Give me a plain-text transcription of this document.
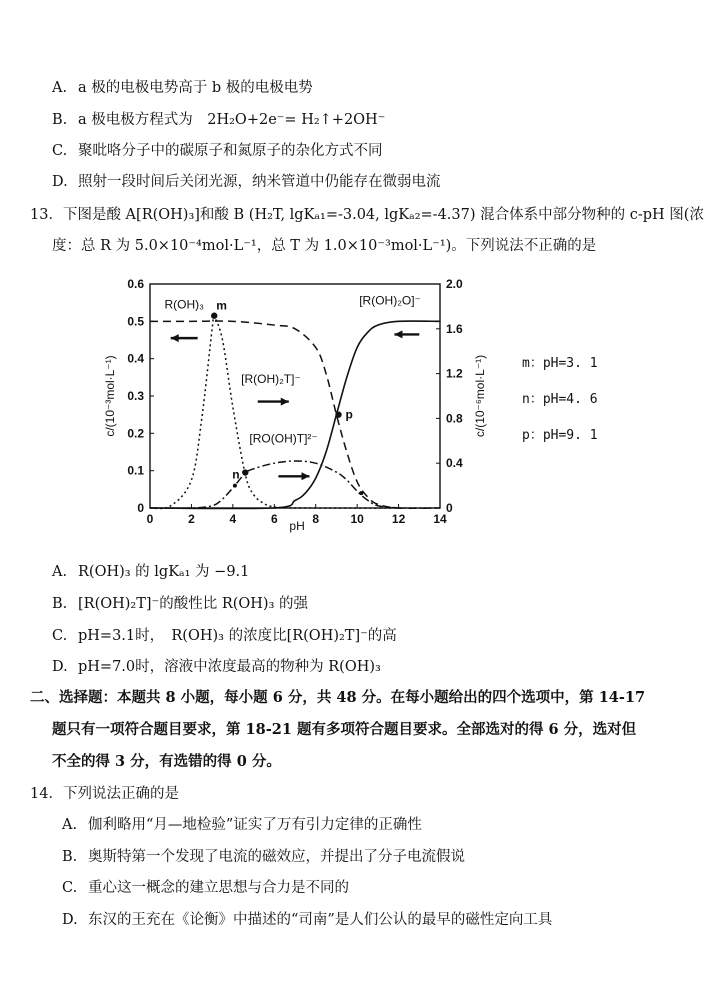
A. a 极的电极电势高于 b 极的电极电势
B. a 极电极方程式为　2H₂O+2e⁻= H₂↑+2OH⁻
C. 聚吡咯分子中的碳原子和氮原子的杂化方式不同
D. 照射一段时间后关闭光源，纳米管道中仍能存在微弱电流
13．下图是酸 A[R(OH)₃]和酸 B (H₂T, lgKₐ₁=-3.04, lgKₐ₂=-4.37) 混合体系中部分物种的 c-pH 图(浓
度：总 R 为 5.0×10⁻⁴mol·L⁻¹，总 T 为 1.0×10⁻³mol·L⁻¹)。下列说法不正确的是
0	2	4	6	8	10 12 14
0
0.1
0.2
0.3
0.4
0.5
0.6
0
0.4
0.8
1.2
1.6
2.0
m
n
p
R(OH)₃	[R(OH)₂O]⁻
[R(OH)₂T]⁻
[RO(OH)T]²⁻
pH
c/(10⁻³mol·L⁻¹)	c/(10⁻⁶mol·L⁻¹)	m：pH=3. 1
n：pH=4. 6
p：pH=9. 1
A. R(OH)₃ 的 lgKₐ₁ 为 −9.1
B. [R(OH)₂T]⁻的酸性比 R(OH)₃ 的强
C. pH=3.1时，　R(OH)₃ 的浓度比[R(OH)₂T]⁻的高
D. pH=7.0时，溶液中浓度最高的物种为 R(OH)₃
二、选择题：本题共 8 小题，每小题 6 分，共 48 分。在每小题给出的四个选项中，第 14-17
题只有一项符合题目要求，第 18-21 题有多项符合题目要求。全部选对的得 6 分，选对但
不全的得 3 分，有选错的得 0 分。
14．下列说法正确的是
A. 伽利略用“月—地检验”证实了万有引力定律的正确性
B. 奥斯特第一个发现了电流的磁效应，并提出了分子电流假说
C. 重心这一概念的建立思想与合力是不同的
D. 东汉的王充在《论衡》中描述的“司南”是人们公认的最早的磁性定向工具
